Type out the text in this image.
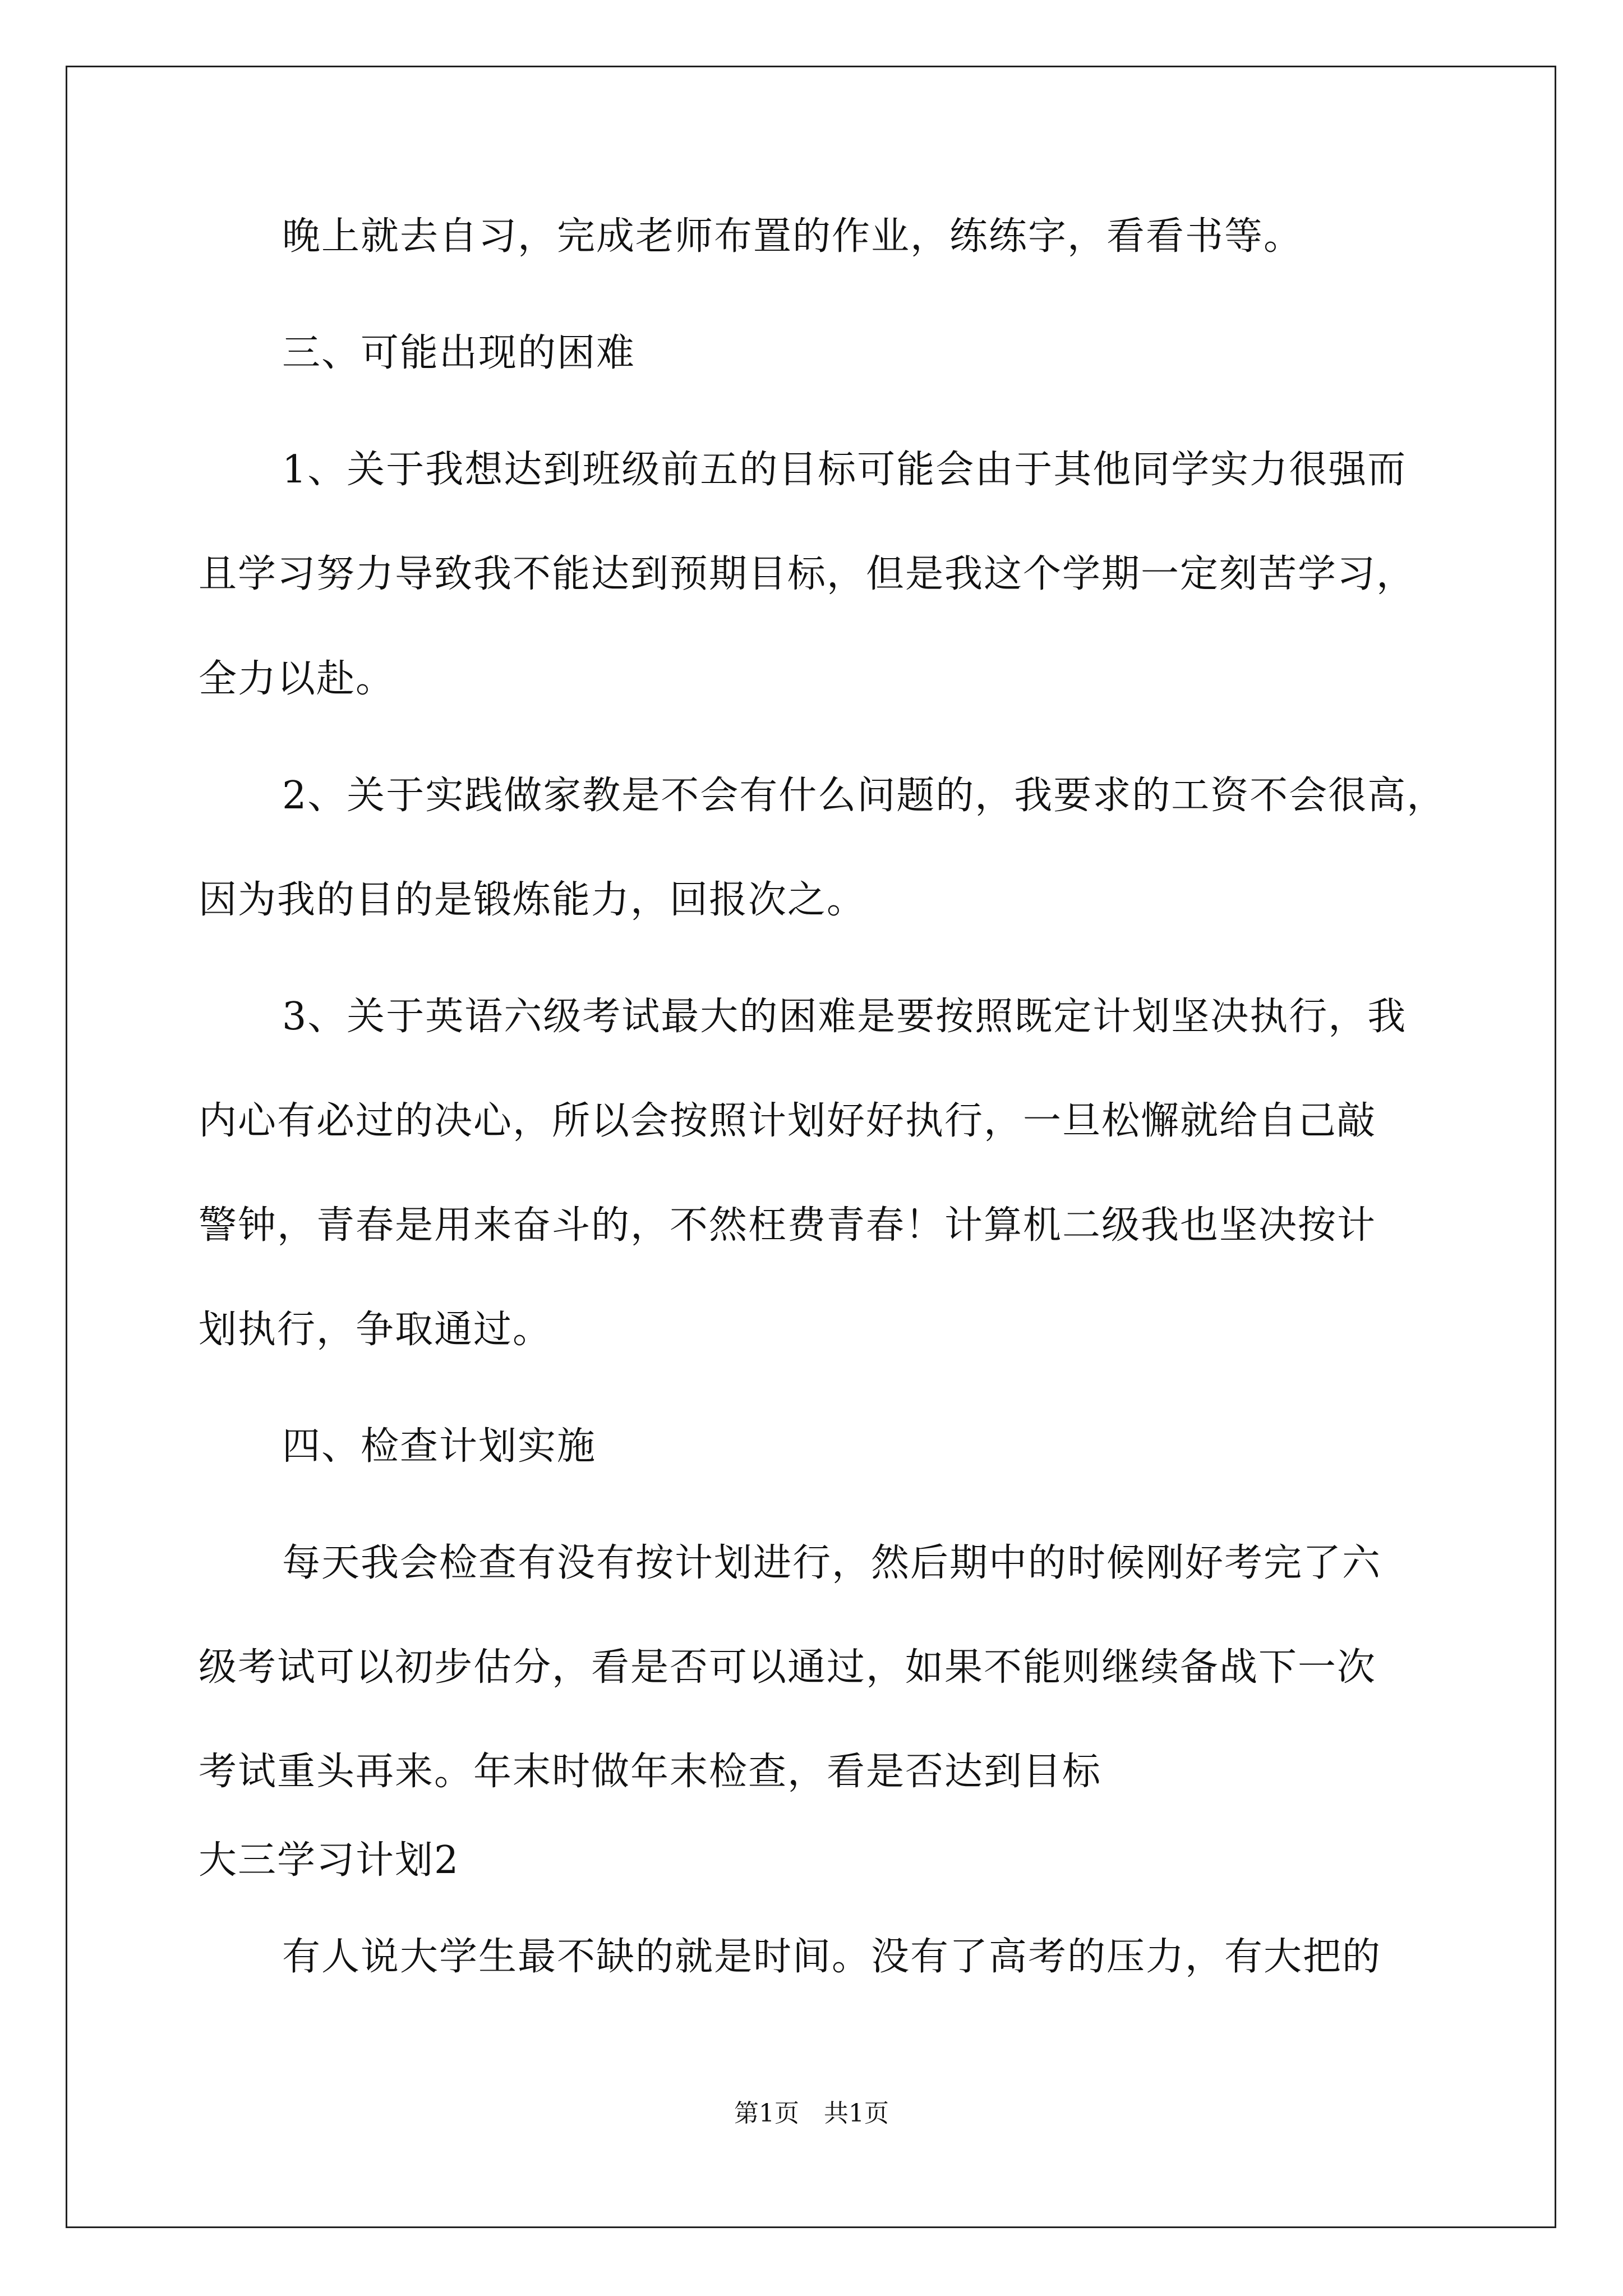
晚上就去自习，完成老师布置的作业，练练字，看看书等。
三、可能出现的困难
1、关于我想达到班级前五的目标可能会由于其他同学实力很强而
且学习努力导致我不能达到预期目标，但是我这个学期一定刻苦学习，
全力以赴。
2、关于实践做家教是不会有什么问题的，我要求的工资不会很高，
因为我的目的是锻炼能力，回报次之。
3、关于英语六级考试最大的困难是要按照既定计划坚决执行，我
内心有必过的决心，所以会按照计划好好执行，一旦松懈就给自己敲
警钟，青春是用来奋斗的，不然枉费青春！计算机二级我也坚决按计
划执行，争取通过。
四、检查计划实施
每天我会检查有没有按计划进行，然后期中的时候刚好考完了六
级考试可以初步估分，看是否可以通过，如果不能则继续备战下一次
考试重头再来。年末时做年末检查，看是否达到目标
大三学习计划2
有人说大学生最不缺的就是时间。没有了高考的压力，有大把的
第1页　共1页
